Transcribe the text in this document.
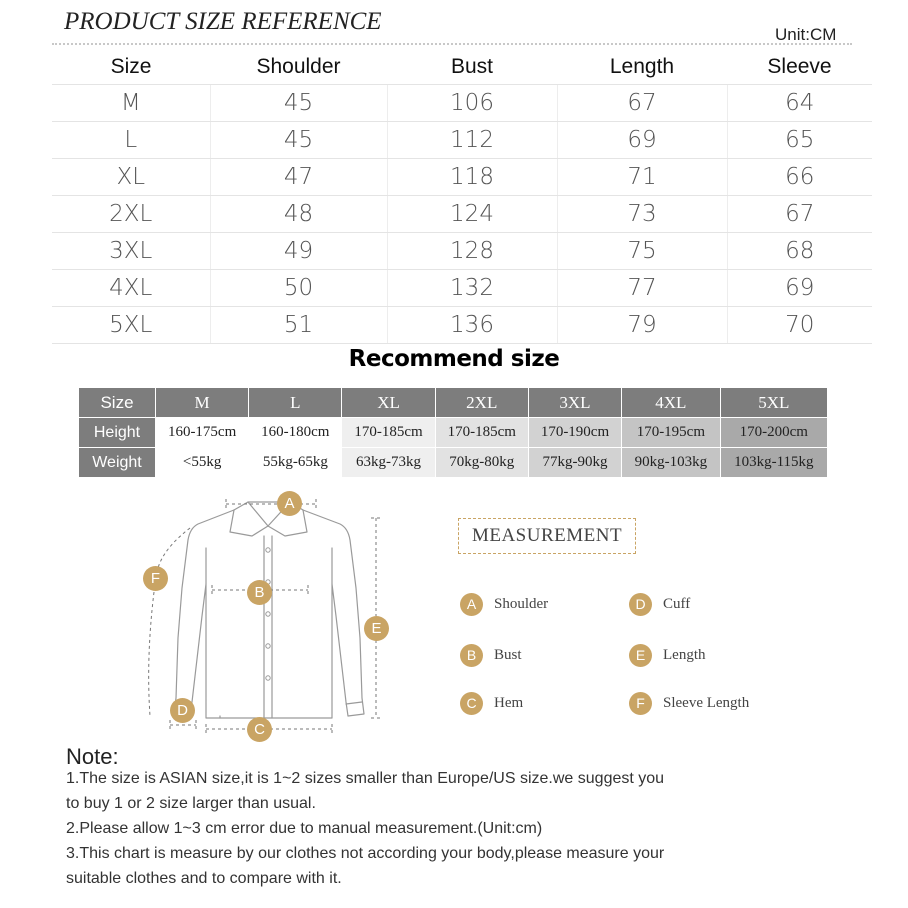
PRODUCT SIZE REFERENCE	Unit:CM
Size	Shoulder	Bust	Length	Sleeve
M	45	106	67	64
L	45	112	69	65
XL	47	118	71	66
2XL	48	124	73	67
3XL	49	128	75	68
4XL	50	132	77	69
5XL	51	136	79	70
Recommend size
Size	M	L	XL	2XL	3XL	4XL	5XL
Height	160-175cm	160-180cm	170-185cm	170-185cm	170-190cm	170-195cm	170-200cm
Weight	<55kg	55kg-65kg	63kg-73kg	70kg-80kg	77kg-90kg	90kg-103kg	103kg-115kg
A
B
C
D
E
F
MEASUREMENT
A	Shoulder
B	Bust
C	Hem
D	Cuff
E	Length
F	Sleeve Length
Note:
1.The size is ASIAN size,it is 1~2 sizes smaller than Europe/US size.we suggest you
to buy 1 or 2 size larger than usual.
2.Please allow 1~3 cm error due to manual measurement.(Unit:cm)
3.This chart is measure by our clothes not according your body,please measure your
suitable clothes and to compare with it.
